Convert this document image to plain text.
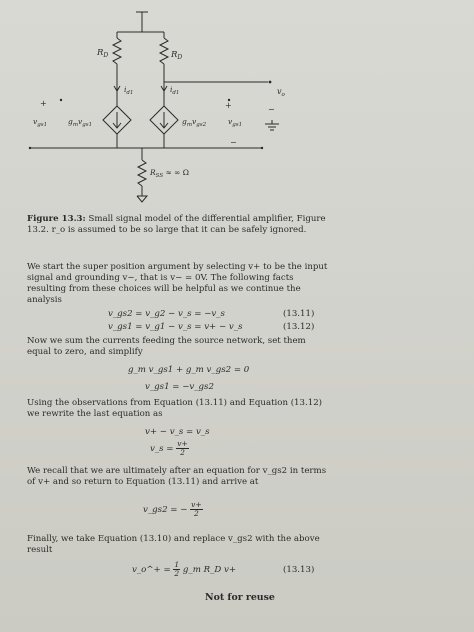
$R_D$	$R_D$
$i_{d1}$	$i_{d1}$	$v_o$
+	+	−
−
$v_{gs1}$	$g_mv_{gs1}$	$g_mv_{gs2}$	$v_{gs1}$
$R_{SS}$ ≈ ∞ Ω
Figure 13.3: Small signal model of the differential amplifier, Figure 13.2. r_o is assumed to be so large that it can be safely ignored.
We start the super position argument by selecting v+ to be the input signal and grounding v−, that is v− = 0V. The following facts resulting from these choices will be helpful as we continue the analysis
v_gs2 = v_g2 − v_s = −v_s	(13.11)
v_gs1 = v_g1 − v_s = v+ − v_s	(13.12)
Now we sum the currents feeding the source network, set them equal to zero, and simplify
g_m v_gs1 + g_m v_gs2 = 0
v_gs1 = −v_gs2
Using the observations from Equation (13.11) and Equation (13.12) we rewrite the last equation as
v+ − v_s = v_s
v_s = $\frac{v+}{2}$
We recall that we are ultimately after an equation for v_gs2 in terms of v+ and so return to Equation (13.11) and arrive at
v_gs2 = − $\frac{v+}{2}$
Finally, we take Equation (13.10) and replace v_gs2 with the above result
v_o^+ = $\frac{1}{2}$ g_m R_D v+	(13.13)
Not for reuse
